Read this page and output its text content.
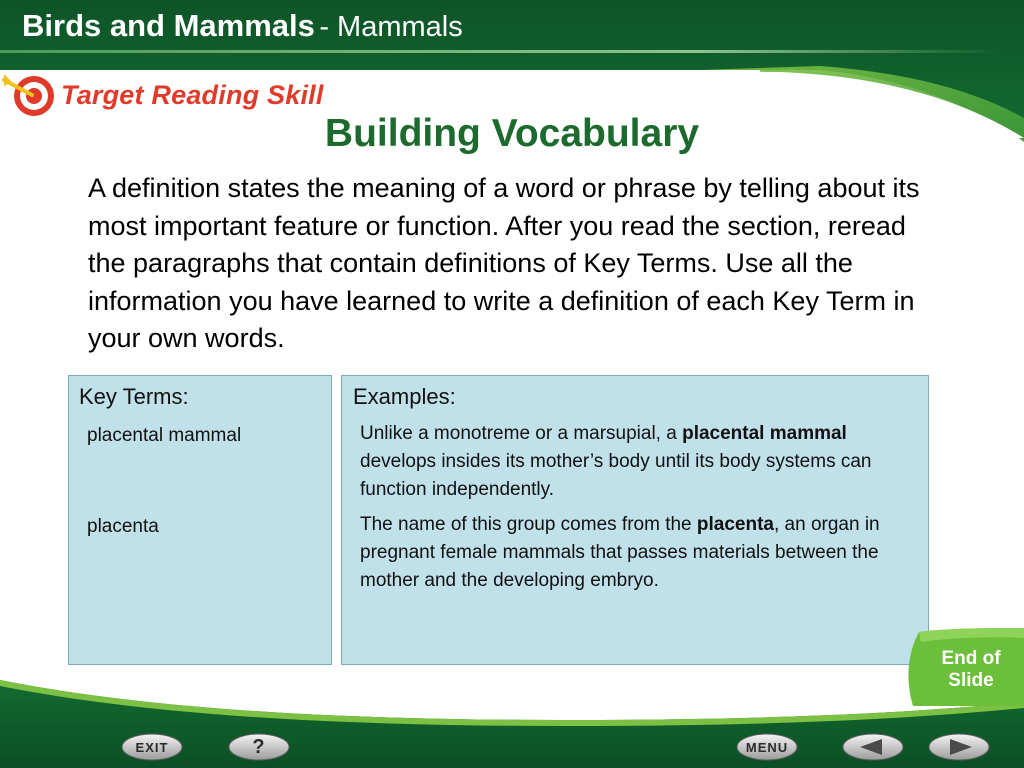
Birds and Mammals - Mammals
Target Reading Skill
Building Vocabulary

A definition states the meaning of a word or phrase by telling about its most important feature or function. After you read the section, reread the paragraphs that contain definitions of Key Terms. Use all the information you have learned to write a definition of each Key Term in your own words.

Key Terms:
placental mammal
placenta
Examples:
Unlike a monotreme or a marsupial, a placental mammal develops insides its mother’s body until its body systems can function independently.
The name of this group comes from the placenta, an organ in pregnant female mammals that passes materials between the mother and the developing embryo.
End of
Slide
EXIT	?	MENU
